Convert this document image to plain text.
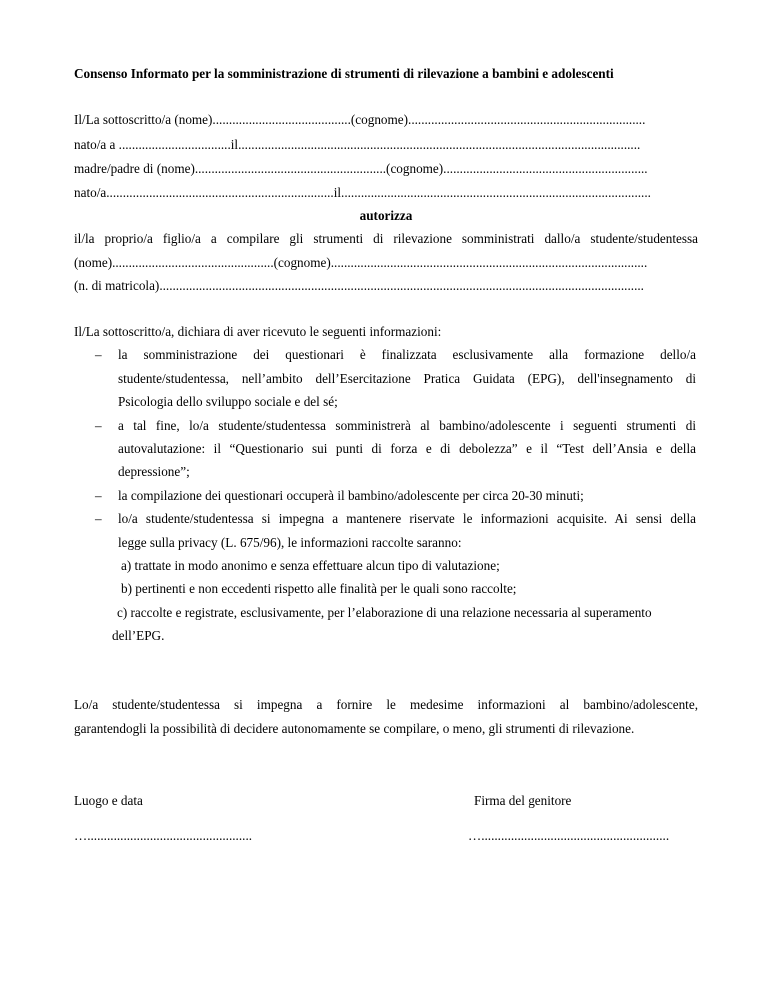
Consenso Informato per la somministrazione di strumenti di rilevazione a bambini e adolescenti
Il/La sottoscritto/a (nome)..........................................(cognome)........................................................................
nato/a a ..................................il..........................................................................................................................
madre/padre di (nome)..........................................................(cognome)..............................................................
nato/a.....................................................................il..............................................................................................
autorizza
il/la proprio/a figlio/a a compilare gli strumenti di rilevazione somministrati dallo/a studente/studentessa
(nome).................................................(cognome)................................................................................................
(n. di matricola)...................................................................................................................................................
Il/La sottoscritto/a, dichiara di aver ricevuto le seguenti informazioni:
– la somministrazione dei questionari è finalizzata esclusivamente alla formazione dello/a
studente/studentessa, nell’ambito dell’Esercitazione Pratica Guidata (EPG), dell'insegnamento di
Psicologia dello sviluppo sociale e del sé;
– a tal fine, lo/a studente/studentessa somministrerà al bambino/adolescente i seguenti strumenti di
autovalutazione: il “Questionario sui punti di forza e di debolezza” e il “Test dell’Ansia e della
depressione”;
– la compilazione dei questionari occuperà il bambino/adolescente per circa 20-30 minuti;
– lo/a studente/studentessa si impegna a mantenere riservate le informazioni acquisite. Ai sensi della
legge sulla privacy (L. 675/96), le informazioni raccolte saranno:
a) trattate in modo anonimo e senza effettuare alcun tipo di valutazione;
b) pertinenti e non eccedenti rispetto alle finalità per le quali sono raccolte;
c) raccolte e registrate, esclusivamente, per l’elaborazione di una relazione necessaria al superamento
dell’EPG.
Lo/a studente/studentessa si impegna a fornire le medesime informazioni al bambino/adolescente,
garantendogli la possibilità di decidere autonomamente se compilare, o meno, gli strumenti di rilevazione.
Luogo e data	Firma del genitore
…..................................................	….........................................................
